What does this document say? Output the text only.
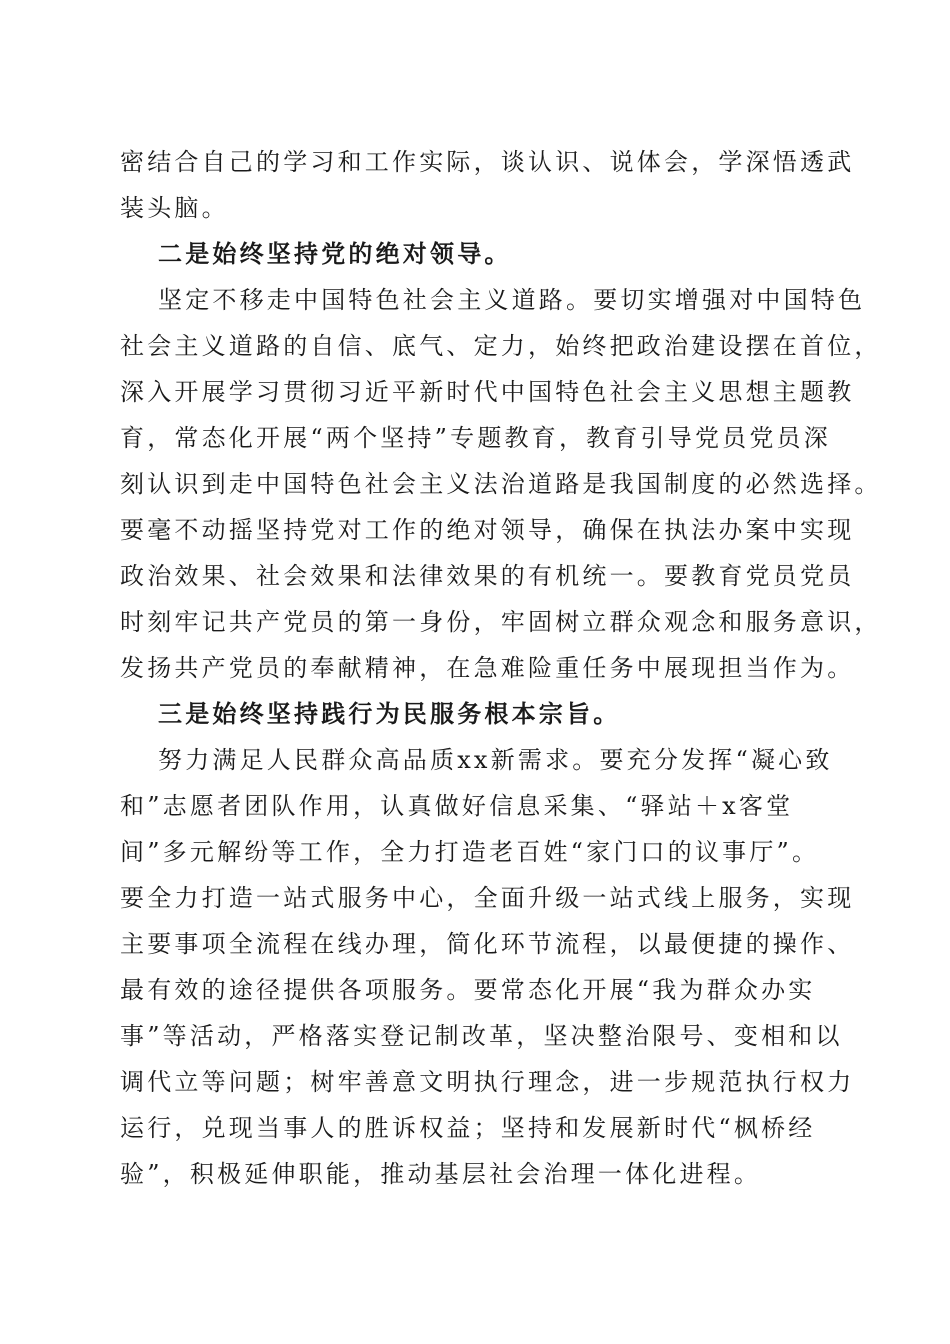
密结合自己的学习和工作实际，谈认识、说体会，学深悟透武
装头脑。
二是始终坚持党的绝对领导。
坚定不移走中国特色社会主义道路。要切实增强对中国特色
社会主义道路的自信、底气、定力，始终把政治建设摆在首位，
深入开展学习贯彻习近平新时代中国特色社会主义思想主题教
育，常态化开展“两个坚持”专题教育，教育引导党员党员深
刻认识到走中国特色社会主义法治道路是我国制度的必然选择。
要毫不动摇坚持党对工作的绝对领导，确保在执法办案中实现
政治效果、社会效果和法律效果的有机统一。要教育党员党员
时刻牢记共产党员的第一身份，牢固树立群众观念和服务意识，
发扬共产党员的奉献精神，在急难险重任务中展现担当作为。
三是始终坚持践行为民服务根本宗旨。
努力满足人民群众高品质xx新需求。要充分发挥“凝心致
和”志愿者团队作用，认真做好信息采集、“驿站＋x客堂
间”多元解纷等工作，全力打造老百姓“家门口的议事厅”。
要全力打造一站式服务中心，全面升级一站式线上服务，实现
主要事项全流程在线办理，简化环节流程，以最便捷的操作、
最有效的途径提供各项服务。要常态化开展“我为群众办实
事”等活动，严格落实登记制改革，坚决整治限号、变相和以
调代立等问题；树牢善意文明执行理念，进一步规范执行权力
运行，兑现当事人的胜诉权益；坚持和发展新时代“枫桥经
验”，积极延伸职能，推动基层社会治理一体化进程。
